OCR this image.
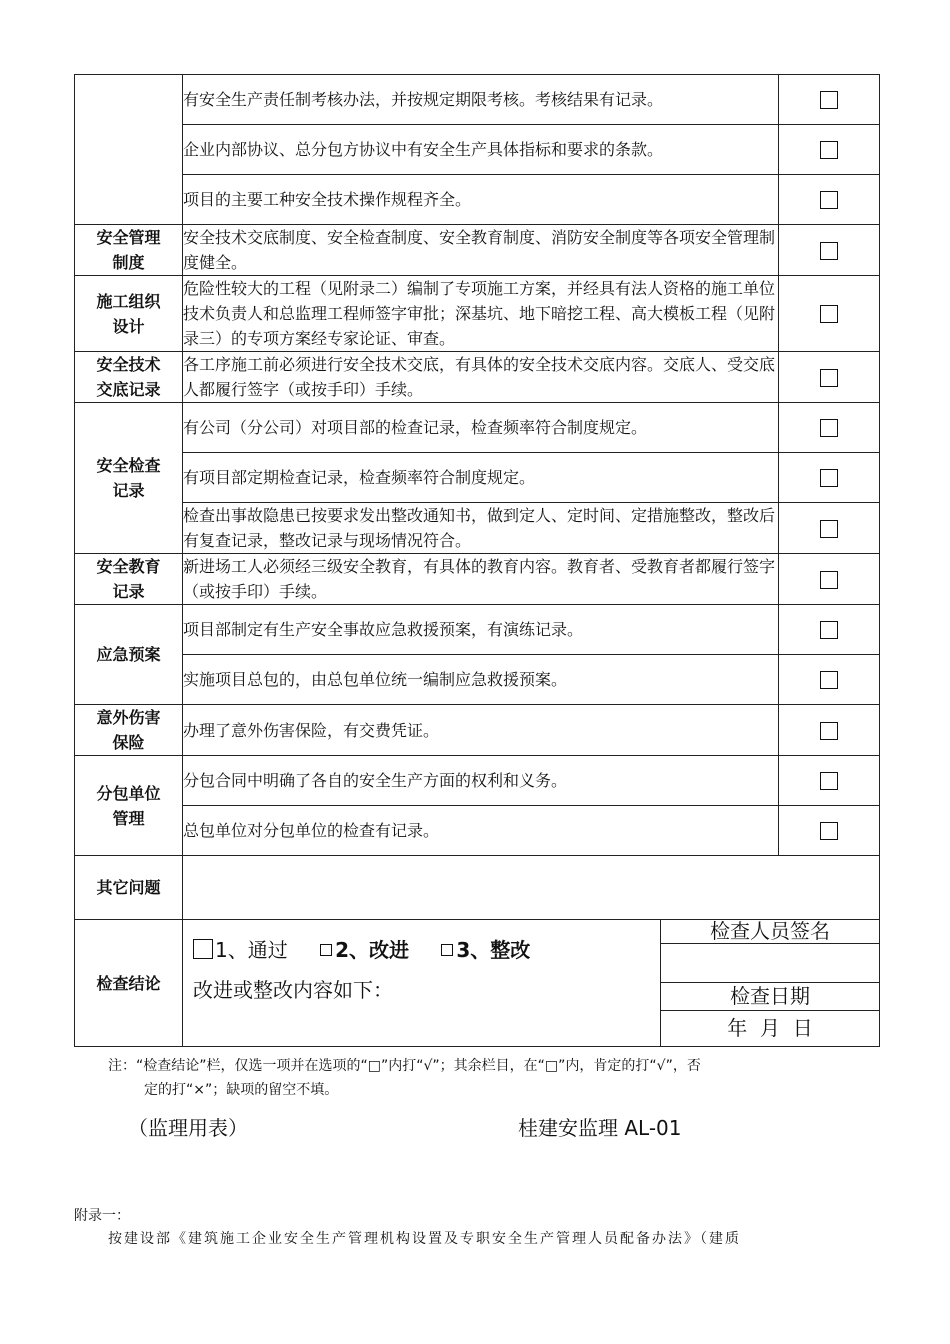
	有安全生产责任制考核办法，并按规定期限考核。考核结果有记录。	
	企业内部协议、总分包方协议中有安全生产具体指标和要求的条款。	
	项目的主要工种安全技术操作规程齐全。	
安全管理
制度	安全技术交底制度、安全检查制度、安全教育制度、消防安全制度等各项安全管理制度健全。	
施工组织
设计	危险性较大的工程（见附录二）编制了专项施工方案，并经具有法人资格的施工单位技术负责人和总监理工程师签字审批；深基坑、地下暗挖工程、高大模板工程（见附录三）的专项方案经专家论证、审查。	
安全技术
交底记录	各工序施工前必须进行安全技术交底，有具体的安全技术交底内容。交底人、受交底人都履行签字（或按手印）手续。	
安全检查
记录	有公司（分公司）对项目部的检查记录，检查频率符合制度规定。	
	有项目部定期检查记录，检查频率符合制度规定。	
	检查出事故隐患已按要求发出整改通知书，做到定人、定时间、定措施整改，整改后有复查记录，整改记录与现场情况符合。	
安全教育
记录	新进场工人必须经三级安全教育，有具体的教育内容。教育者、受教育者都履行签字（或按手印）手续。	
应急预案	项目部制定有生产安全事故应急救援预案，有演练记录。	
	实施项目总包的，由总包单位统一编制应急救援预案。	
意外伤害
保险	办理了意外伤害保险，有交费凭证。	
分包单位
管理	分包合同中明确了各自的安全生产方面的权利和义务。	
	总包单位对分包单位的检查有记录。	
其它问题		
检查结论	1、通过 2、改进 3、整改
改进或整改内容如下：
检查人员签名
检查日期
年  月  日	
注：“检查结论”栏，仅选一项并在选项的“□”内打“√”；其余栏目，在“□”内，肯定的打“√”，否
定的打“×”；缺项的留空不填。
（监理用表）	桂建安监理 AL-01
附录一：
按建设部《建筑施工企业安全生产管理机构设置及专职安全生产管理人员配备办法》（建质
